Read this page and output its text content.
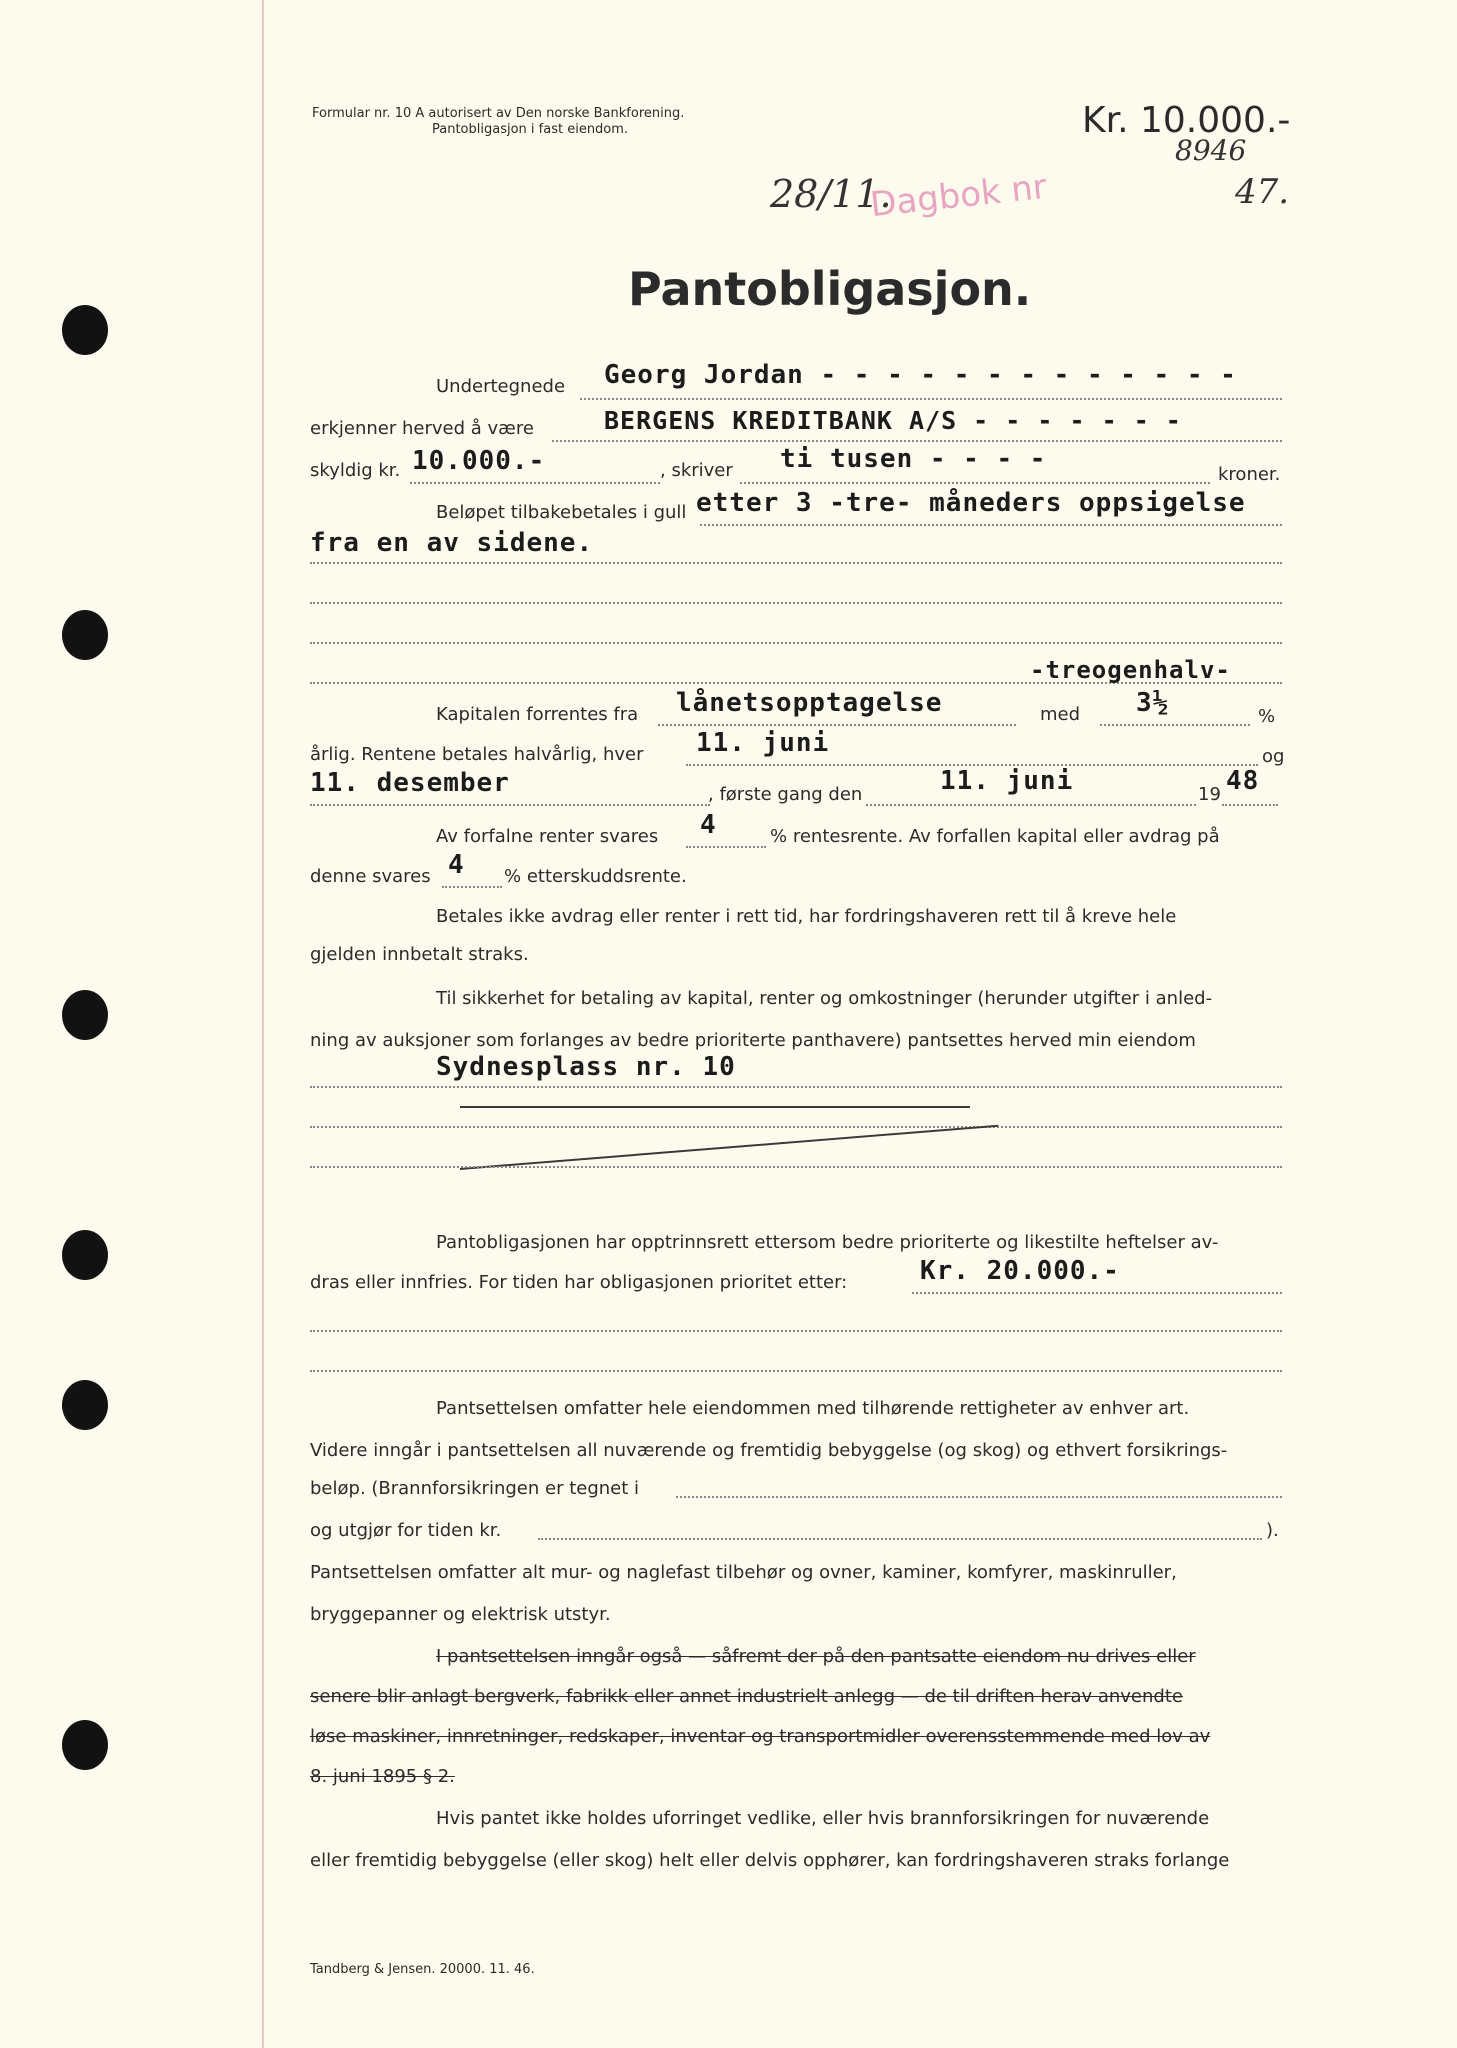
Formular nr. 10 A autorisert av Den norske Bankforening.
Pantobligasjon i fast eiendom.	Kr. 10.000.-
8946
28/11.
Dagbok nr	47.
Pantobligasjon.
Undertegnede Georg Jordan - - - - - - - - - - - - -
erkjenner herved å være	BERGENS KREDITBANK A/S - - - - - - -
skyldig kr. 10.000.-	, skriver ti tusen - - - -
kroner.
Beløpet tilbakebetales i gull etter 3 -tre- måneders oppsigelse
fra en av sidene.
-treogenhalv-
Kapitalen forrentes fra lånetsopptagelse	med 3½	%
årlig. Rentene betales halvårlig, hver 11. juni	og
11. desember	, første gang den	11. juni	19 48
Av forfalne renter svares 4	% rentesrente. Av forfallen kapital eller avdrag på
denne svares 4 % etterskuddsrente.
Betales ikke avdrag eller renter i rett tid, har fordringshaveren rett til å kreve hele
gjelden innbetalt straks.
Til sikkerhet for betaling av kapital, renter og omkostninger (herunder utgifter i anled-
ning av auksjoner som forlanges av bedre prioriterte panthavere) pantsettes herved min eiendom
Sydnesplass nr. 10
Pantobligasjonen har opptrinnsrett ettersom bedre prioriterte og likestilte heftelser av-
dras eller innfries. For tiden har obligasjonen prioritet etter:	Kr. 20.000.-
Pantsettelsen omfatter hele eiendommen med tilhørende rettigheter av enhver art.
Videre inngår i pantsettelsen all nuværende og fremtidig bebyggelse (og skog) og ethvert forsikrings-
beløp. (Brannforsikringen er tegnet i
og utgjør for tiden kr.	).
Pantsettelsen omfatter alt mur- og naglefast tilbehør og ovner, kaminer, komfyrer, maskinruller,
bryggepanner og elektrisk utstyr.
I pantsettelsen inngår også — såfremt der på den pantsatte eiendom nu drives eller
senere blir anlagt bergverk, fabrikk eller annet industrielt anlegg — de til driften herav anvendte
løse maskiner, innretninger, redskaper, inventar og transportmidler overensstemmende med lov av
8. juni 1895 § 2.
Hvis pantet ikke holdes uforringet vedlike, eller hvis brannforsikringen for nuværende
eller fremtidig bebyggelse (eller skog) helt eller delvis opphører, kan fordringshaveren straks forlange
Tandberg & Jensen. 20000. 11. 46.
